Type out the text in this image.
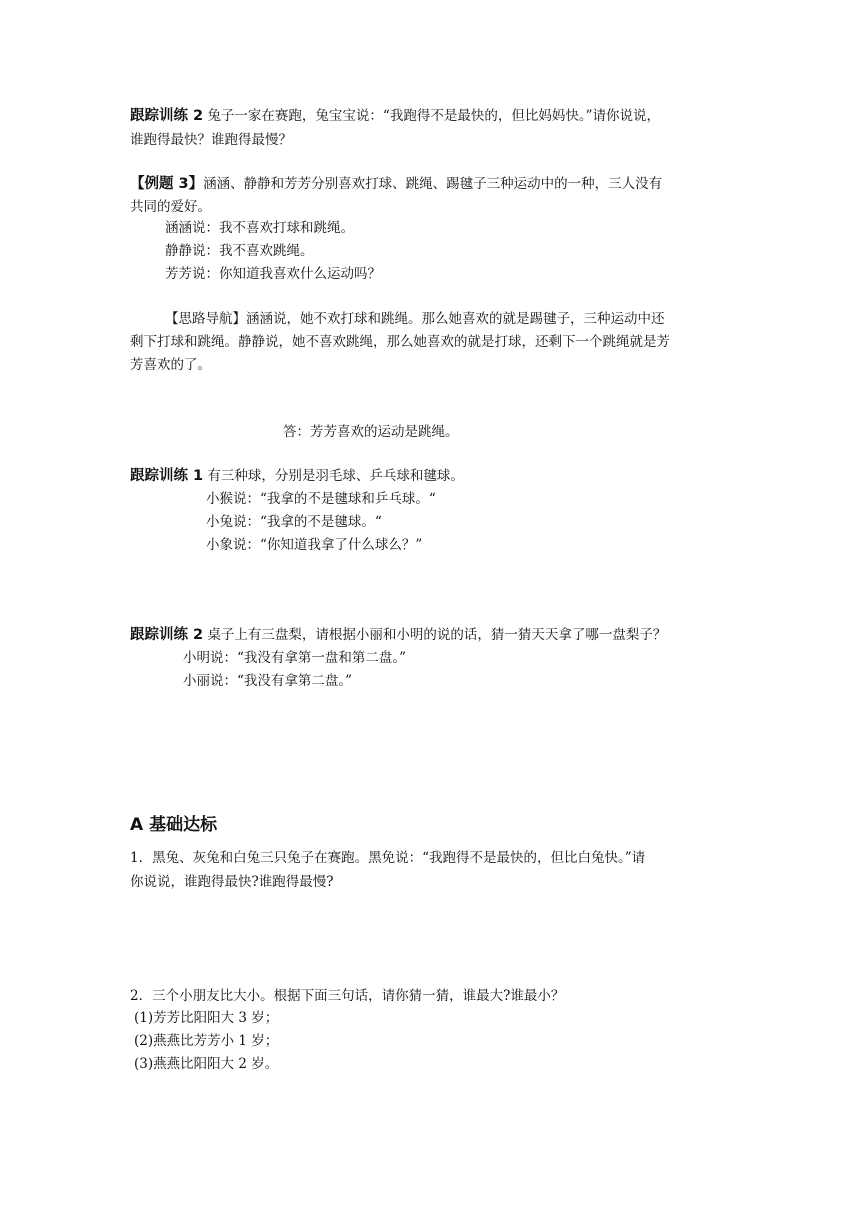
跟踪训练 2 兔子一家在赛跑，兔宝宝说：“我跑得不是最快的，但比妈妈快。”请你说说，
谁跑得最快？谁跑得最慢？
【例题 3】涵涵、静静和芳芳分别喜欢打球、跳绳、踢毽子三种运动中的一种，三人没有
共同的爱好。
涵涵说：我不喜欢打球和跳绳。
静静说：我不喜欢跳绳。
芳芳说：你知道我喜欢什么运动吗？
【思路导航】涵涵说，她不欢打球和跳绳。那么她喜欢的就是踢毽子，三种运动中还
剩下打球和跳绳。静静说，她不喜欢跳绳，那么她喜欢的就是打球，还剩下一个跳绳就是芳
芳喜欢的了。
答：芳芳喜欢的运动是跳绳。
跟踪训练 1 有三种球，分别是羽毛球、乒乓球和毽球。
小猴说：“我拿的不是毽球和乒乓球。“
小兔说：“我拿的不是毽球。“
小象说：“你知道我拿了什么球么？”
跟踪训练 2 桌子上有三盘梨，请根据小丽和小明的说的话，猜一猜天天拿了哪一盘梨子？
小明说：“我没有拿第一盘和第二盘。”
小丽说：“我没有拿第二盘。”
A 基础达标
1．黑兔、灰兔和白兔三只兔子在赛跑。黑免说：“我跑得不是最快的，但比白兔快。”请
你说说，谁跑得最快?谁跑得最慢?
2．三个小朋友比大小。根据下面三句话，请你猜一猜，谁最大?谁最小？
(1)芳芳比阳阳大 3 岁；
(2)燕燕比芳芳小 1 岁；
(3)燕燕比阳阳大 2 岁。
